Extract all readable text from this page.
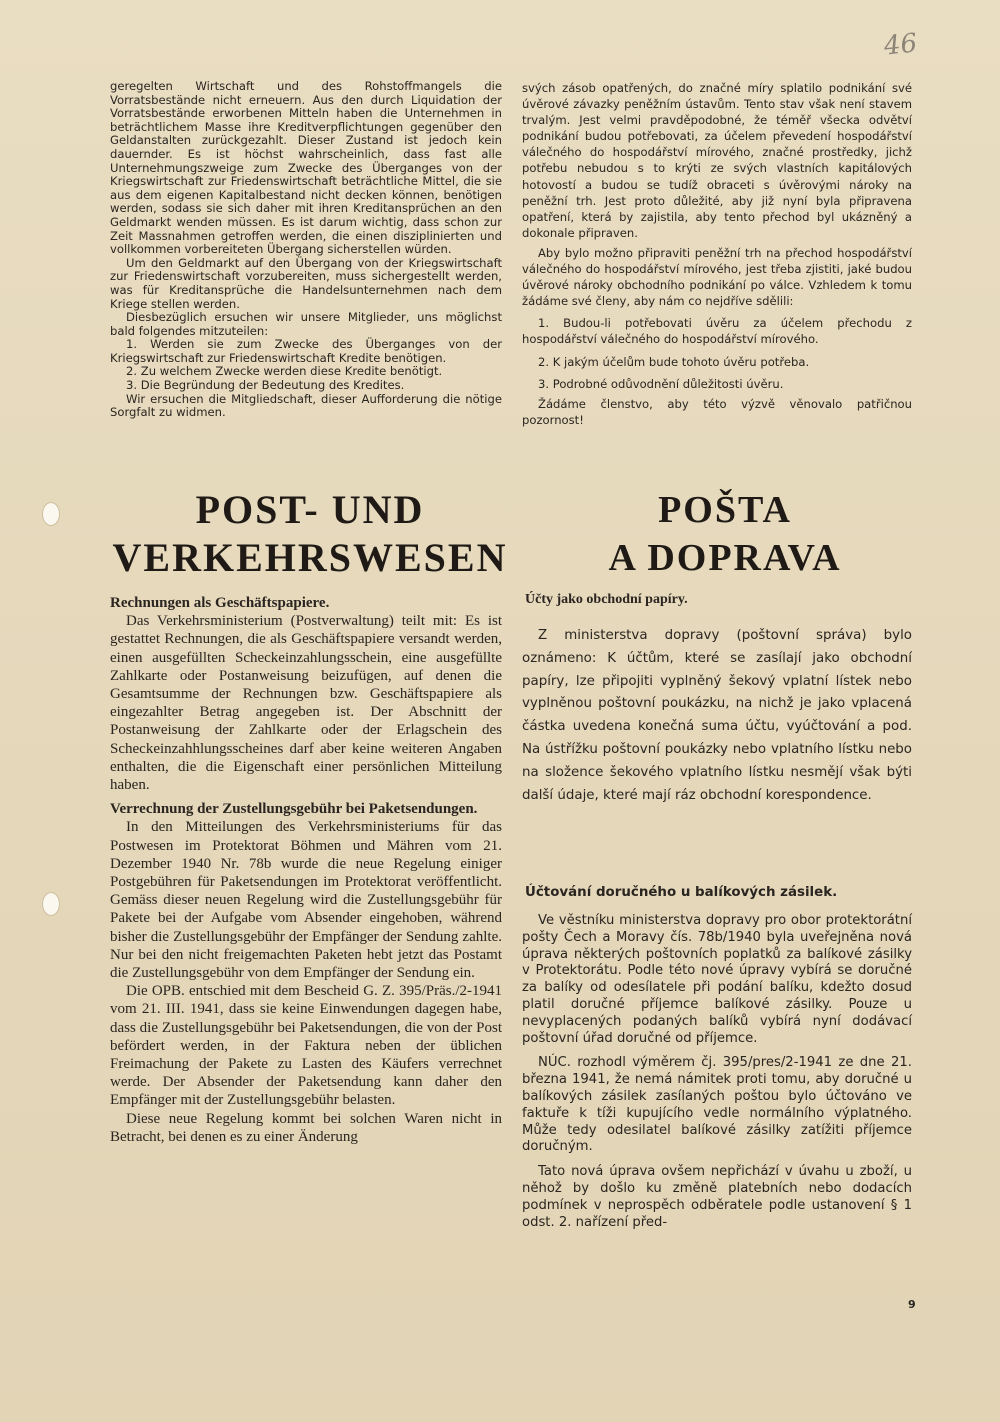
46

geregelten Wirtschaft und des Rohstoffmangels die Vorratsbestände nicht erneuern. Aus den durch Liquidation der Vorratsbestände erworbenen Mitteln haben die Unternehmen in beträchtlichem Masse ihre Kreditverpflichtungen gegenüber den Geldanstalten zurückgezahlt. Dieser Zustand ist jedoch kein dauernder. Es ist höchst wahrscheinlich, dass fast alle Unternehmungszweige zum Zwecke des Überganges von der Kriegswirtschaft zur Friedenswirtschaft beträchtliche Mittel, die sie aus dem eigenen Kapitalbestand nicht decken können, benötigen werden, sodass sie sich daher mit ihren Kreditansprüchen an den Geldmarkt wenden müssen. Es ist darum wichtig, dass schon zur Zeit Massnahmen getroffen werden, die einen disziplinierten und vollkommen vorbereiteten Übergang sicherstellen würden.

Um den Geldmarkt auf den Übergang von der Kriegswirtschaft zur Friedenswirtschaft vorzubereiten, muss sichergestellt werden, was für Kreditansprüche die Handelsunternehmen nach dem Kriege stellen werden.

Diesbezüglich ersuchen wir unsere Mitglieder, uns möglichst bald folgendes mitzuteilen:

1. Werden sie zum Zwecke des Überganges von der Kriegswirtschaft zur Friedenswirtschaft Kredite benötigen.

2. Zu welchem Zwecke werden diese Kredite benötigt.

3. Die Begründung der Bedeutung des Kredites.

Wir ersuchen die Mitgliedschaft, dieser Aufforderung die nötige Sorgfalt zu widmen.

svých zásob opatřených, do značné míry splatilo podnikání své úvěrové závazky peněžním ústavům. Tento stav však není stavem trvalým. Jest velmi pravděpodobné, že téměř všecka odvětví podnikání budou potřebovati, za účelem převedení hospodářství válečného do hospodářství mírového, značné prostředky, jichž potřebu nebudou s to krýti ze svých vlastních kapitálových hotovostí a budou se tudíž obraceti s úvěrovými nároky na peněžní trh. Jest proto důležité, aby již nyní byla připravena opatření, která by zajistila, aby tento přechod byl ukázněný a dokonale připraven.

Aby bylo možno připraviti peněžní trh na přechod hospodářství válečného do hospodářství mírového, jest třeba zjistiti, jaké budou úvěrové nároky obchodního podnikání po válce. Vzhledem k tomu žádáme své členy, aby nám co nejdříve sdělili:

1. Budou-li potřebovati úvěru za účelem přechodu z hospodářství válečného do hospodářství mírového.

2. K jakým účelům bude tohoto úvěru potřeba.

3. Podrobné odůvodnění důležitosti úvěru.

Žádáme členstvo, aby této výzvě věnovalo patřičnou pozornost!

POST- UND
VERKEHRSWESEN
POŠTA
A DOPRAVA

Rechnungen als Geschäftspapiere.

Das Verkehrsministerium (Postverwaltung) teilt mit: Es ist gestattet Rechnungen, die als Geschäftspapiere versandt werden, einen ausgefüllten Scheckeinzahlungsschein, eine ausgefüllte Zahlkarte oder Postanweisung beizufügen, auf denen die Gesamtsumme der Rechnungen bzw. Geschäftspapiere als eingezahlter Betrag angegeben ist. Der Abschnitt der Postanweisung der Zahlkarte oder der Erlagschein des Scheckeinzahhlungsscheines darf aber keine weiteren Angaben enthalten, die die Eigenschaft einer persönlichen Mitteilung haben.

Verrechnung der Zustellungsgebühr bei Paketsendungen.

In den Mitteilungen des Verkehrsministeriums für das Postwesen im Protektorat Böhmen und Mähren vom 21. Dezember 1940 Nr. 78b wurde die neue Regelung einiger Postgebühren für Paketsendungen im Protektorat veröffentlicht. Gemäss dieser neuen Regelung wird die Zustellungsgebühr für Pakete bei der Aufgabe vom Absender eingehoben, während bisher die Zustellungsgebühr der Empfänger der Sendung zahlte. Nur bei den nicht freigemachten Paketen hebt jetzt das Postamt die Zustellungsgebühr von dem Empfänger der Sendung ein.

Die OPB. entschied mit dem Bescheid G. Z. 395/Präs./2-1941 vom 21. III. 1941, dass sie keine Einwendungen dagegen habe, dass die Zustellungsgebühr bei Paketsendungen, die von der Post befördert werden, in der Faktura neben der üblichen Freimachung der Pakete zu Lasten des Käufers verrechnet werde. Der Absender der Paketsendung kann daher den Empfänger mit der Zustellungsgebühr belasten.

Diese neue Regelung kommt bei solchen Waren nicht in Betracht, bei denen es zu einer Änderung

Účty jako obchodní papíry.

Z ministerstva dopravy (poštovní správa) bylo oznámeno: K účtům, které se zasílají jako obchodní papíry, lze připojiti vyplněný šekový vplatní lístek nebo vyplněnou poštovní poukázku, na nichž je jako vplacená částka uvedena konečná suma účtu, vyúčtování a pod. Na ústřížku poštovní poukázky nebo vplatního lístku nebo na složence šekového vplatního lístku nesmějí však býti další údaje, které mají ráz obchodní korespondence.

Účtování doručného u balíkových zásilek.

Ve věstníku ministerstva dopravy pro obor protektorátní pošty Čech a Moravy čís. 78b/1940 byla uveřejněna nová úprava některých poštovních poplatků za balíkové zásilky v Protektorátu. Podle této nové úpravy vybírá se doručné za balíky od odesílatele při podání balíku, kdežto dosud platil doručné příjemce balíkové zásilky. Pouze u nevyplacených podaných balíků vybírá nyní dodávací poštovní úřad doručné od příjemce.

NÚC. rozhodl výměrem čj. 395/pres/2-1941 ze dne 21. března 1941, že nemá námitek proti tomu, aby doručné u balíkových zásilek zasílaných poštou bylo účtováno ve faktuře k tíži kupujícího vedle normálního výplatného. Může tedy odesilatel balíkové zásilky zatížiti příjemce doručným.

Tato nová úprava ovšem nepřichází v úvahu u zboží, u něhož by došlo ku změně platebních nebo dodacích podmínek v neprospěch odběratele podle ustanovení § 1 odst. 2. nařízení před-

9
